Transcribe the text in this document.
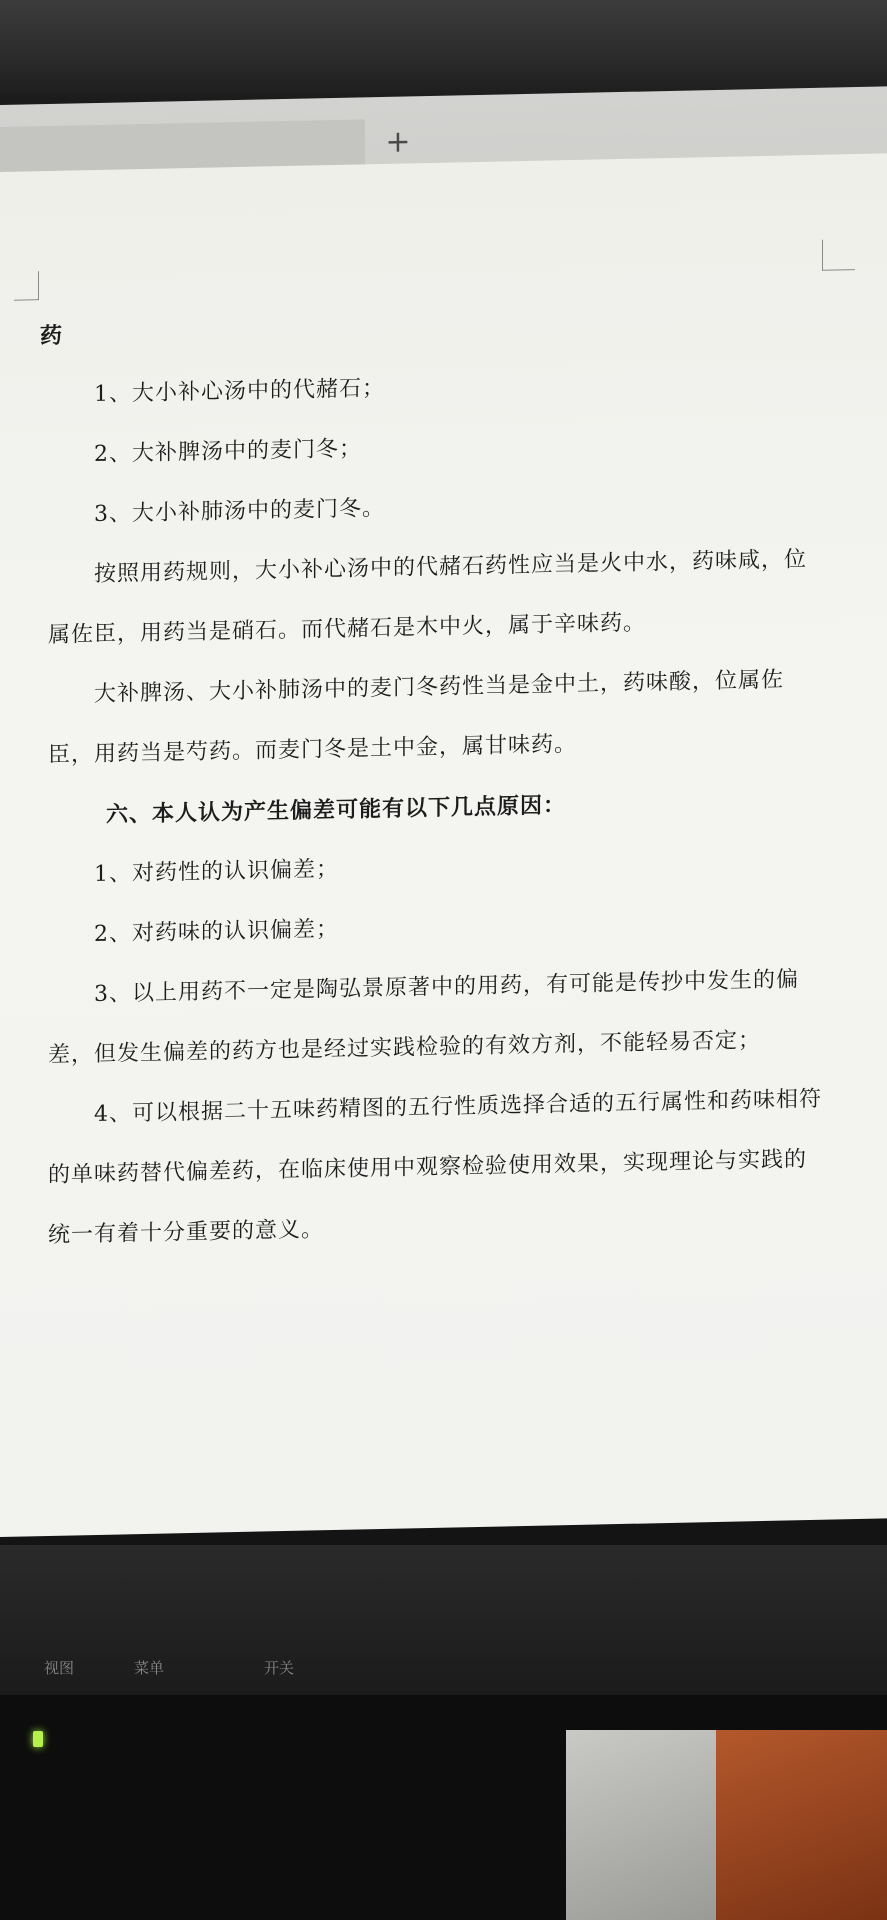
+

药

1、大小补心汤中的代赭石；

2、大补脾汤中的麦门冬；

3、大小补肺汤中的麦门冬。

按照用药规则，大小补心汤中的代赭石药性应当是火中水，药味咸，位属佐臣，用药当是硝石。而代赭石是木中火，属于辛味药。

大补脾汤、大小补肺汤中的麦门冬药性当是金中土，药味酸，位属佐臣，用药当是芍药。而麦门冬是土中金，属甘味药。

六、本人认为产生偏差可能有以下几点原因：

1、对药性的认识偏差；

2、对药味的认识偏差；

3、以上用药不一定是陶弘景原著中的用药，有可能是传抄中发生的偏差，但发生偏差的药方也是经过实践检验的有效方剂，不能轻易否定；

4、可以根据二十五味药精图的五行性质选择合适的五行属性和药味相符的单味药替代偏差药，在临床使用中观察检验使用效果，实现理论与实践的统一有着十分重要的意义。

视图	菜单	开关
